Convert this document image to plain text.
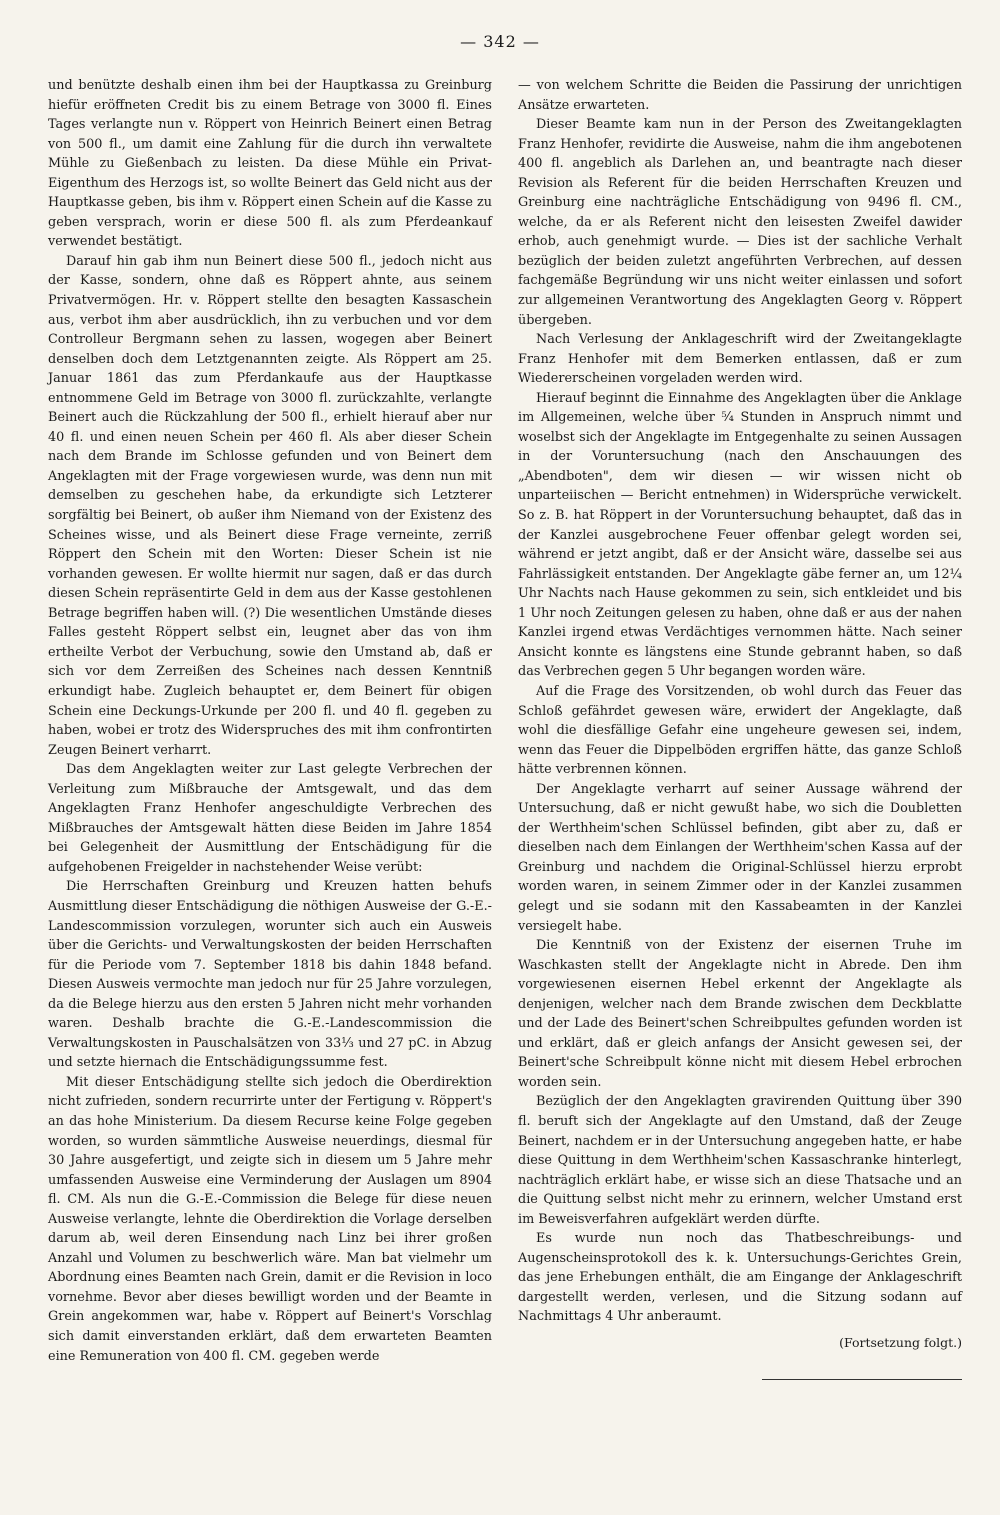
— 342 —

und benützte deshalb einen ihm bei der Hauptkassa zu Greinburg hiefür eröffneten Credit bis zu einem Betrage von 3000 fl. Eines Tages verlangte nun v. Röppert von Heinrich Beinert einen Betrag von 500 fl., um damit eine Zahlung für die durch ihn verwaltete Mühle zu Gießenbach zu leisten. Da diese Mühle ein Privat-Eigenthum des Herzogs ist, so wollte Beinert das Geld nicht aus der Hauptkasse geben, bis ihm v. Röppert einen Schein auf die Kasse zu geben versprach, worin er diese 500 fl. als zum Pferdeankauf verwendet bestätigt.

Darauf hin gab ihm nun Beinert diese 500 fl., jedoch nicht aus der Kasse, sondern, ohne daß es Röppert ahnte, aus seinem Privatvermögen. Hr. v. Röppert stellte den besagten Kassaschein aus, verbot ihm aber ausdrücklich, ihn zu verbuchen und vor dem Controlleur Bergmann sehen zu lassen, wogegen aber Beinert denselben doch dem Letztgenannten zeigte. Als Röppert am 25. Januar 1861 das zum Pferdankaufe aus der Hauptkasse entnommene Geld im Betrage von 3000 fl. zurückzahlte, verlangte Beinert auch die Rückzahlung der 500 fl., erhielt hierauf aber nur 40 fl. und einen neuen Schein per 460 fl. Als aber dieser Schein nach dem Brande im Schlosse gefunden und von Beinert dem Angeklagten mit der Frage vorgewiesen wurde, was denn nun mit demselben zu geschehen habe, da erkundigte sich Letzterer sorgfältig bei Beinert, ob außer ihm Niemand von der Existenz des Scheines wisse, und als Beinert diese Frage verneinte, zerriß Röppert den Schein mit den Worten: Dieser Schein ist nie vorhanden gewesen. Er wollte hiermit nur sagen, daß er das durch diesen Schein repräsentirte Geld in dem aus der Kasse gestohlenen Betrage begriffen haben will. (?) Die wesentlichen Umstände dieses Falles gesteht Röppert selbst ein, leugnet aber das von ihm ertheilte Verbot der Verbuchung, sowie den Umstand ab, daß er sich vor dem Zerreißen des Scheines nach dessen Kenntniß erkundigt habe. Zugleich behauptet er, dem Beinert für obigen Schein eine Deckungs-Urkunde per 200 fl. und 40 fl. gegeben zu haben, wobei er trotz des Widerspruches des mit ihm confrontirten Zeugen Beinert verharrt.

Das dem Angeklagten weiter zur Last gelegte Verbrechen der Verleitung zum Mißbrauche der Amtsgewalt, und das dem Angeklagten Franz Henhofer angeschuldigte Verbrechen des Mißbrauches der Amtsgewalt hätten diese Beiden im Jahre 1854 bei Gelegenheit der Ausmittlung der Entschädigung für die aufgehobenen Freigelder in nachstehender Weise verübt:

Die Herrschaften Greinburg und Kreuzen hatten behufs Ausmittlung dieser Entschädigung die nöthigen Ausweise der G.-E.-Landescommission vorzulegen, worunter sich auch ein Ausweis über die Gerichts- und Verwaltungskosten der beiden Herrschaften für die Periode vom 7. September 1818 bis dahin 1848 befand. Diesen Ausweis vermochte man jedoch nur für 25 Jahre vorzulegen, da die Belege hierzu aus den ersten 5 Jahren nicht mehr vorhanden waren. Deshalb brachte die G.-E.-Landescommission die Verwaltungskosten in Pauschalsätzen von 33⅓ und 27 pC. in Abzug und setzte hiernach die Entschädigungssumme fest.

Mit dieser Entschädigung stellte sich jedoch die Oberdirektion nicht zufrieden, sondern recurrirte unter der Fertigung v. Röppert's an das hohe Ministerium. Da diesem Recurse keine Folge gegeben worden, so wurden sämmtliche Ausweise neuerdings, diesmal für 30 Jahre ausgefertigt, und zeigte sich in diesem um 5 Jahre mehr umfassenden Ausweise eine Verminderung der Auslagen um 8904 fl. CM. Als nun die G.-E.-Commission die Belege für diese neuen Ausweise verlangte, lehnte die Oberdirektion die Vorlage derselben darum ab, weil deren Einsendung nach Linz bei ihrer großen Anzahl und Volumen zu beschwerlich wäre. Man bat vielmehr um Abordnung eines Beamten nach Grein, damit er die Revision in loco vornehme. Bevor aber dieses bewilligt worden und der Beamte in Grein angekommen war, habe v. Röppert auf Beinert's Vorschlag sich damit einverstanden erklärt, daß dem erwarteten Beamten eine Remuneration von 400 fl. CM. gegeben werde

— von welchem Schritte die Beiden die Passirung der unrichtigen Ansätze erwarteten.

Dieser Beamte kam nun in der Person des Zweitangeklagten Franz Henhofer, revidirte die Ausweise, nahm die ihm angebotenen 400 fl. angeblich als Darlehen an, und beantragte nach dieser Revision als Referent für die beiden Herrschaften Kreuzen und Greinburg eine nachträgliche Entschädigung von 9496 fl. CM., welche, da er als Referent nicht den leisesten Zweifel dawider erhob, auch genehmigt wurde. — Dies ist der sachliche Verhalt bezüglich der beiden zuletzt angeführten Verbrechen, auf dessen fachgemäße Begründung wir uns nicht weiter einlassen und sofort zur allgemeinen Verantwortung des Angeklagten Georg v. Röppert übergeben.

Nach Verlesung der Anklageschrift wird der Zweitangeklagte Franz Henhofer mit dem Bemerken entlassen, daß er zum Wiedererscheinen vorgeladen werden wird.

Hierauf beginnt die Einnahme des Angeklagten über die Anklage im Allgemeinen, welche über ⁵⁄₄ Stunden in Anspruch nimmt und woselbst sich der Angeklagte im Entgegenhalte zu seinen Aussagen in der Voruntersuchung (nach den Anschauungen des „Abendboten", dem wir diesen — wir wissen nicht ob unparteiischen — Bericht entnehmen) in Widersprüche verwickelt. So z. B. hat Röppert in der Voruntersuchung behauptet, daß das in der Kanzlei ausgebrochene Feuer offenbar gelegt worden sei, während er jetzt angibt, daß er der Ansicht wäre, dasselbe sei aus Fahrlässigkeit entstanden. Der Angeklagte gäbe ferner an, um 12¼ Uhr Nachts nach Hause gekommen zu sein, sich entkleidet und bis 1 Uhr noch Zeitungen gelesen zu haben, ohne daß er aus der nahen Kanzlei irgend etwas Verdächtiges vernommen hätte. Nach seiner Ansicht konnte es längstens eine Stunde gebrannt haben, so daß das Verbrechen gegen 5 Uhr begangen worden wäre.

Auf die Frage des Vorsitzenden, ob wohl durch das Feuer das Schloß gefährdet gewesen wäre, erwidert der Angeklagte, daß wohl die diesfällige Gefahr eine ungeheure gewesen sei, indem, wenn das Feuer die Dippelböden ergriffen hätte, das ganze Schloß hätte verbrennen können.

Der Angeklagte verharrt auf seiner Aussage während der Untersuchung, daß er nicht gewußt habe, wo sich die Doubletten der Werthheim'schen Schlüssel befinden, gibt aber zu, daß er dieselben nach dem Einlangen der Werthheim'schen Kassa auf der Greinburg und nachdem die Original-Schlüssel hierzu erprobt worden waren, in seinem Zimmer oder in der Kanzlei zusammen gelegt und sie sodann mit den Kassabeamten in der Kanzlei versiegelt habe.

Die Kenntniß von der Existenz der eisernen Truhe im Waschkasten stellt der Angeklagte nicht in Abrede. Den ihm vorgewiesenen eisernen Hebel erkennt der Angeklagte als denjenigen, welcher nach dem Brande zwischen dem Deckblatte und der Lade des Beinert'schen Schreibpultes gefunden worden ist und erklärt, daß er gleich anfangs der Ansicht gewesen sei, der Beinert'sche Schreibpult könne nicht mit diesem Hebel erbrochen worden sein.

Bezüglich der den Angeklagten gravirenden Quittung über 390 fl. beruft sich der Angeklagte auf den Umstand, daß der Zeuge Beinert, nachdem er in der Untersuchung angegeben hatte, er habe diese Quittung in dem Werthheim'schen Kassaschranke hinterlegt, nachträglich erklärt habe, er wisse sich an diese Thatsache und an die Quittung selbst nicht mehr zu erinnern, welcher Umstand erst im Beweisverfahren aufgeklärt werden dürfte.

Es wurde nun noch das Thatbeschreibungs- und Augenscheinsprotokoll des k. k. Untersuchungs-Gerichtes Grein, das jene Erhebungen enthält, die am Eingange der Anklageschrift dargestellt werden, verlesen, und die Sitzung sodann auf Nachmittags 4 Uhr anberaumt.

(Fortsetzung folgt.)
